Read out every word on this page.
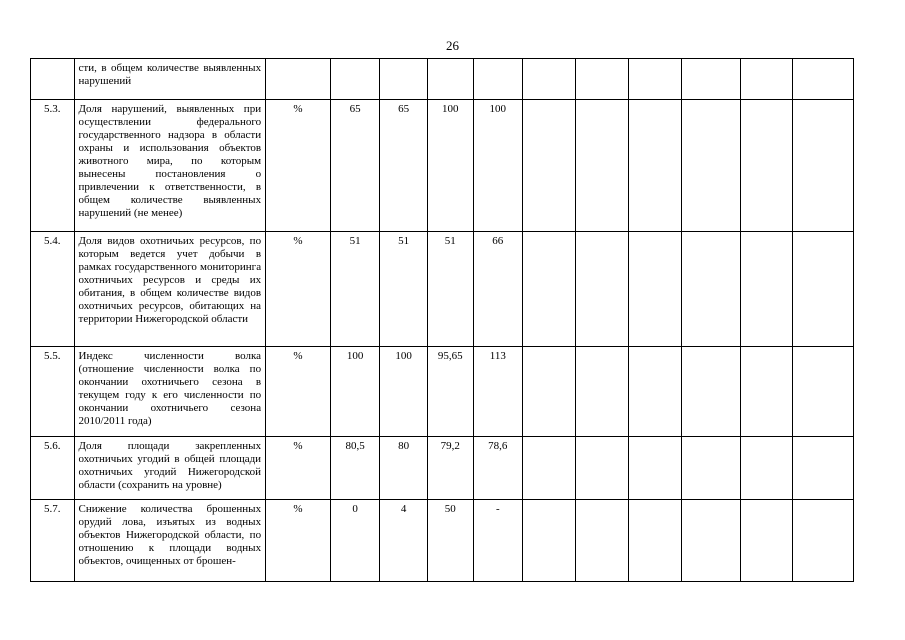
26
	сти, в общем количестве выявленных нарушений											
5.3.	Доля нарушений, выявленных при осуществлении федерального государственного надзора в области охраны и использования объектов животного мира, по которым вынесены постановления о привлечении к ответственности, в общем количестве выявленных нарушений (не менее)	%	65	65	100	100						
5.4.	Доля видов охотничьих ресурсов, по которым ведется учет добычи в рамках государственного мониторинга охотничьих ресурсов и среды их обитания, в общем количестве видов охотничьих ресурсов, обитающих на территории Нижегородской области	%	51	51	51	66						
5.5.	Индекс численности волка (отношение численности волка по окончании охотничьего сезона в текущем году к его численности по окончании охотничьего сезона 2010/2011 года)	%	100	100	95,65	113						
5.6.	Доля площади закрепленных охотничьих угодий в общей площади охотничьих угодий Нижегородской области (сохранить на уровне)	%	80,5	80	79,2	78,6						
5.7.	Снижение количества брошенных орудий лова, изъятых из водных объектов Нижегородской области, по отношению к площади водных объектов, очищенных от брошен-	%	0	4	50	-						
